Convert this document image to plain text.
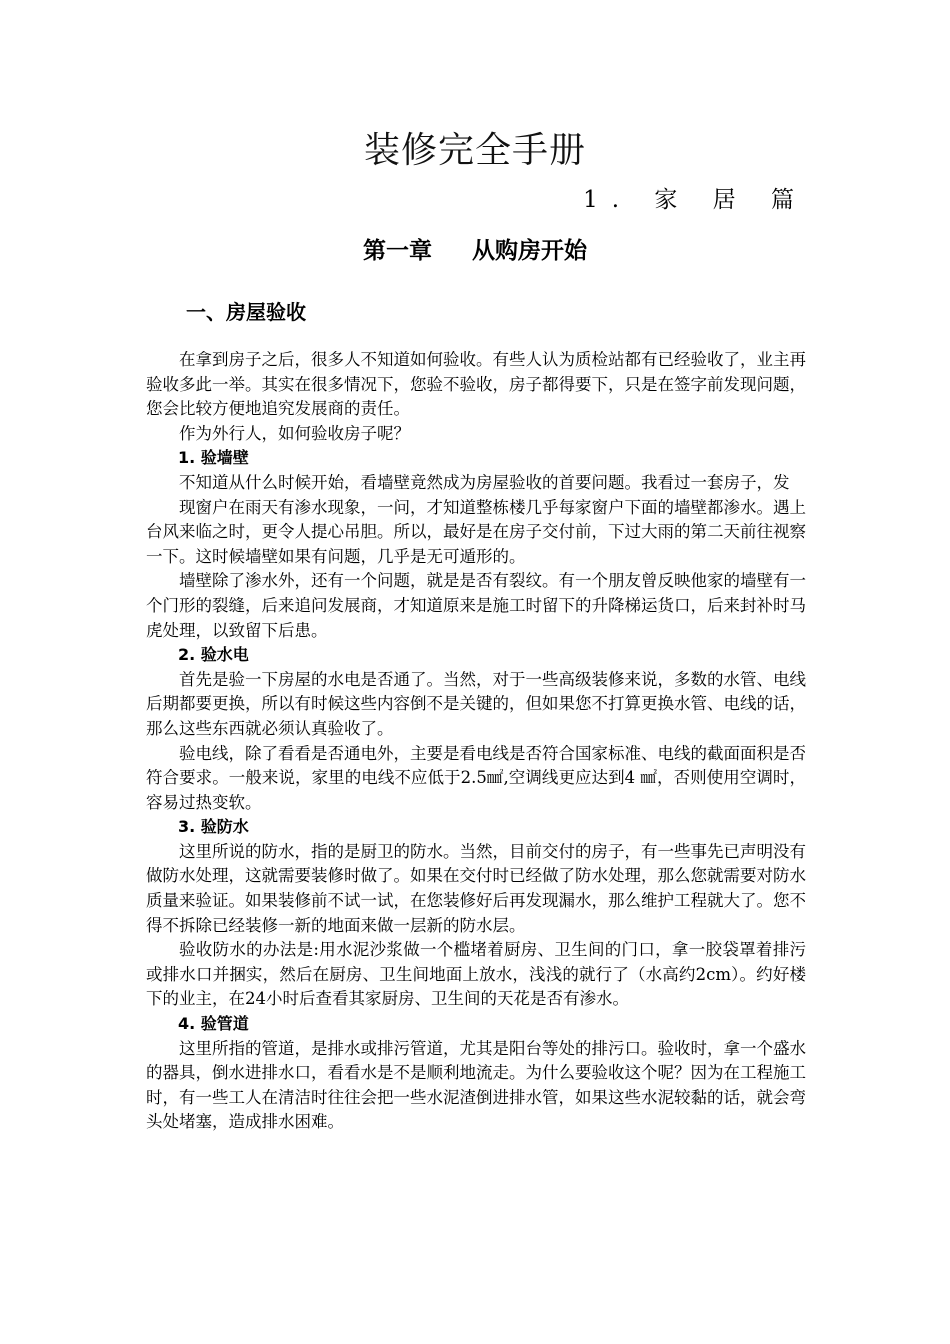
装修完全手册
1. 家 居 篇
第一章     从购房开始
一、房屋验收

在拿到房子之后，很多人不知道如何验收。有些人认为质检站都有已经验收了，业主再验收多此一举。其实在很多情况下，您验不验收，房子都得要下，只是在签字前发现问题，您会比较方便地追究发展商的责任。

作为外行人，如何验收房子呢？

1. 验墙壁

不知道从什么时候开始，看墙壁竟然成为房屋验收的首要问题。我看过一套房子，发

现窗户在雨天有渗水现象，一问，才知道整栋楼几乎每家窗户下面的墙壁都渗水。遇上台风来临之时，更令人提心吊胆。所以，最好是在房子交付前，下过大雨的第二天前往视察一下。这时候墙壁如果有问题，几乎是无可遁形的。

墙壁除了渗水外，还有一个问题，就是是否有裂纹。有一个朋友曾反映他家的墙壁有一个门形的裂缝，后来追问发展商，才知道原来是施工时留下的升降梯运货口，后来封补时马虎处理，以致留下后患。

2. 验水电

首先是验一下房屋的水电是否通了。当然，对于一些高级装修来说，多数的水管、电线后期都要更换，所以有时候这些内容倒不是关键的，但如果您不打算更换水管、电线的话，那么这些东西就必须认真验收了。

验电线，除了看看是否通电外，主要是看电线是否符合国家标准、电线的截面面积是否符合要求。一般来说，家里的电线不应低于2.5㎟,空调线更应达到4 ㎟，否则使用空调时，容易过热变软。

3. 验防水

这里所说的防水，指的是厨卫的防水。当然，目前交付的房子，有一些事先已声明没有做防水处理，这就需要装修时做了。如果在交付时已经做了防水处理，那么您就需要对防水质量来验证。如果装修前不试一试，在您装修好后再发现漏水，那么维护工程就大了。您不得不拆除已经装修一新的地面来做一层新的防水层。

验收防水的办法是:用水泥沙浆做一个槛堵着厨房、卫生间的门口，拿一胶袋罩着排污或排水口并捆实，然后在厨房、卫生间地面上放水，浅浅的就行了（水高约2cm）。约好楼下的业主，在24小时后查看其家厨房、卫生间的天花是否有渗水。

4. 验管道

这里所指的管道，是排水或排污管道，尤其是阳台等处的排污口。验收时，拿一个盛水的器具，倒水进排水口，看看水是不是顺利地流走。为什么要验收这个呢？因为在工程施工时，有一些工人在清洁时往往会把一些水泥渣倒进排水管，如果这些水泥较黏的话，就会弯头处堵塞，造成排水困难。
